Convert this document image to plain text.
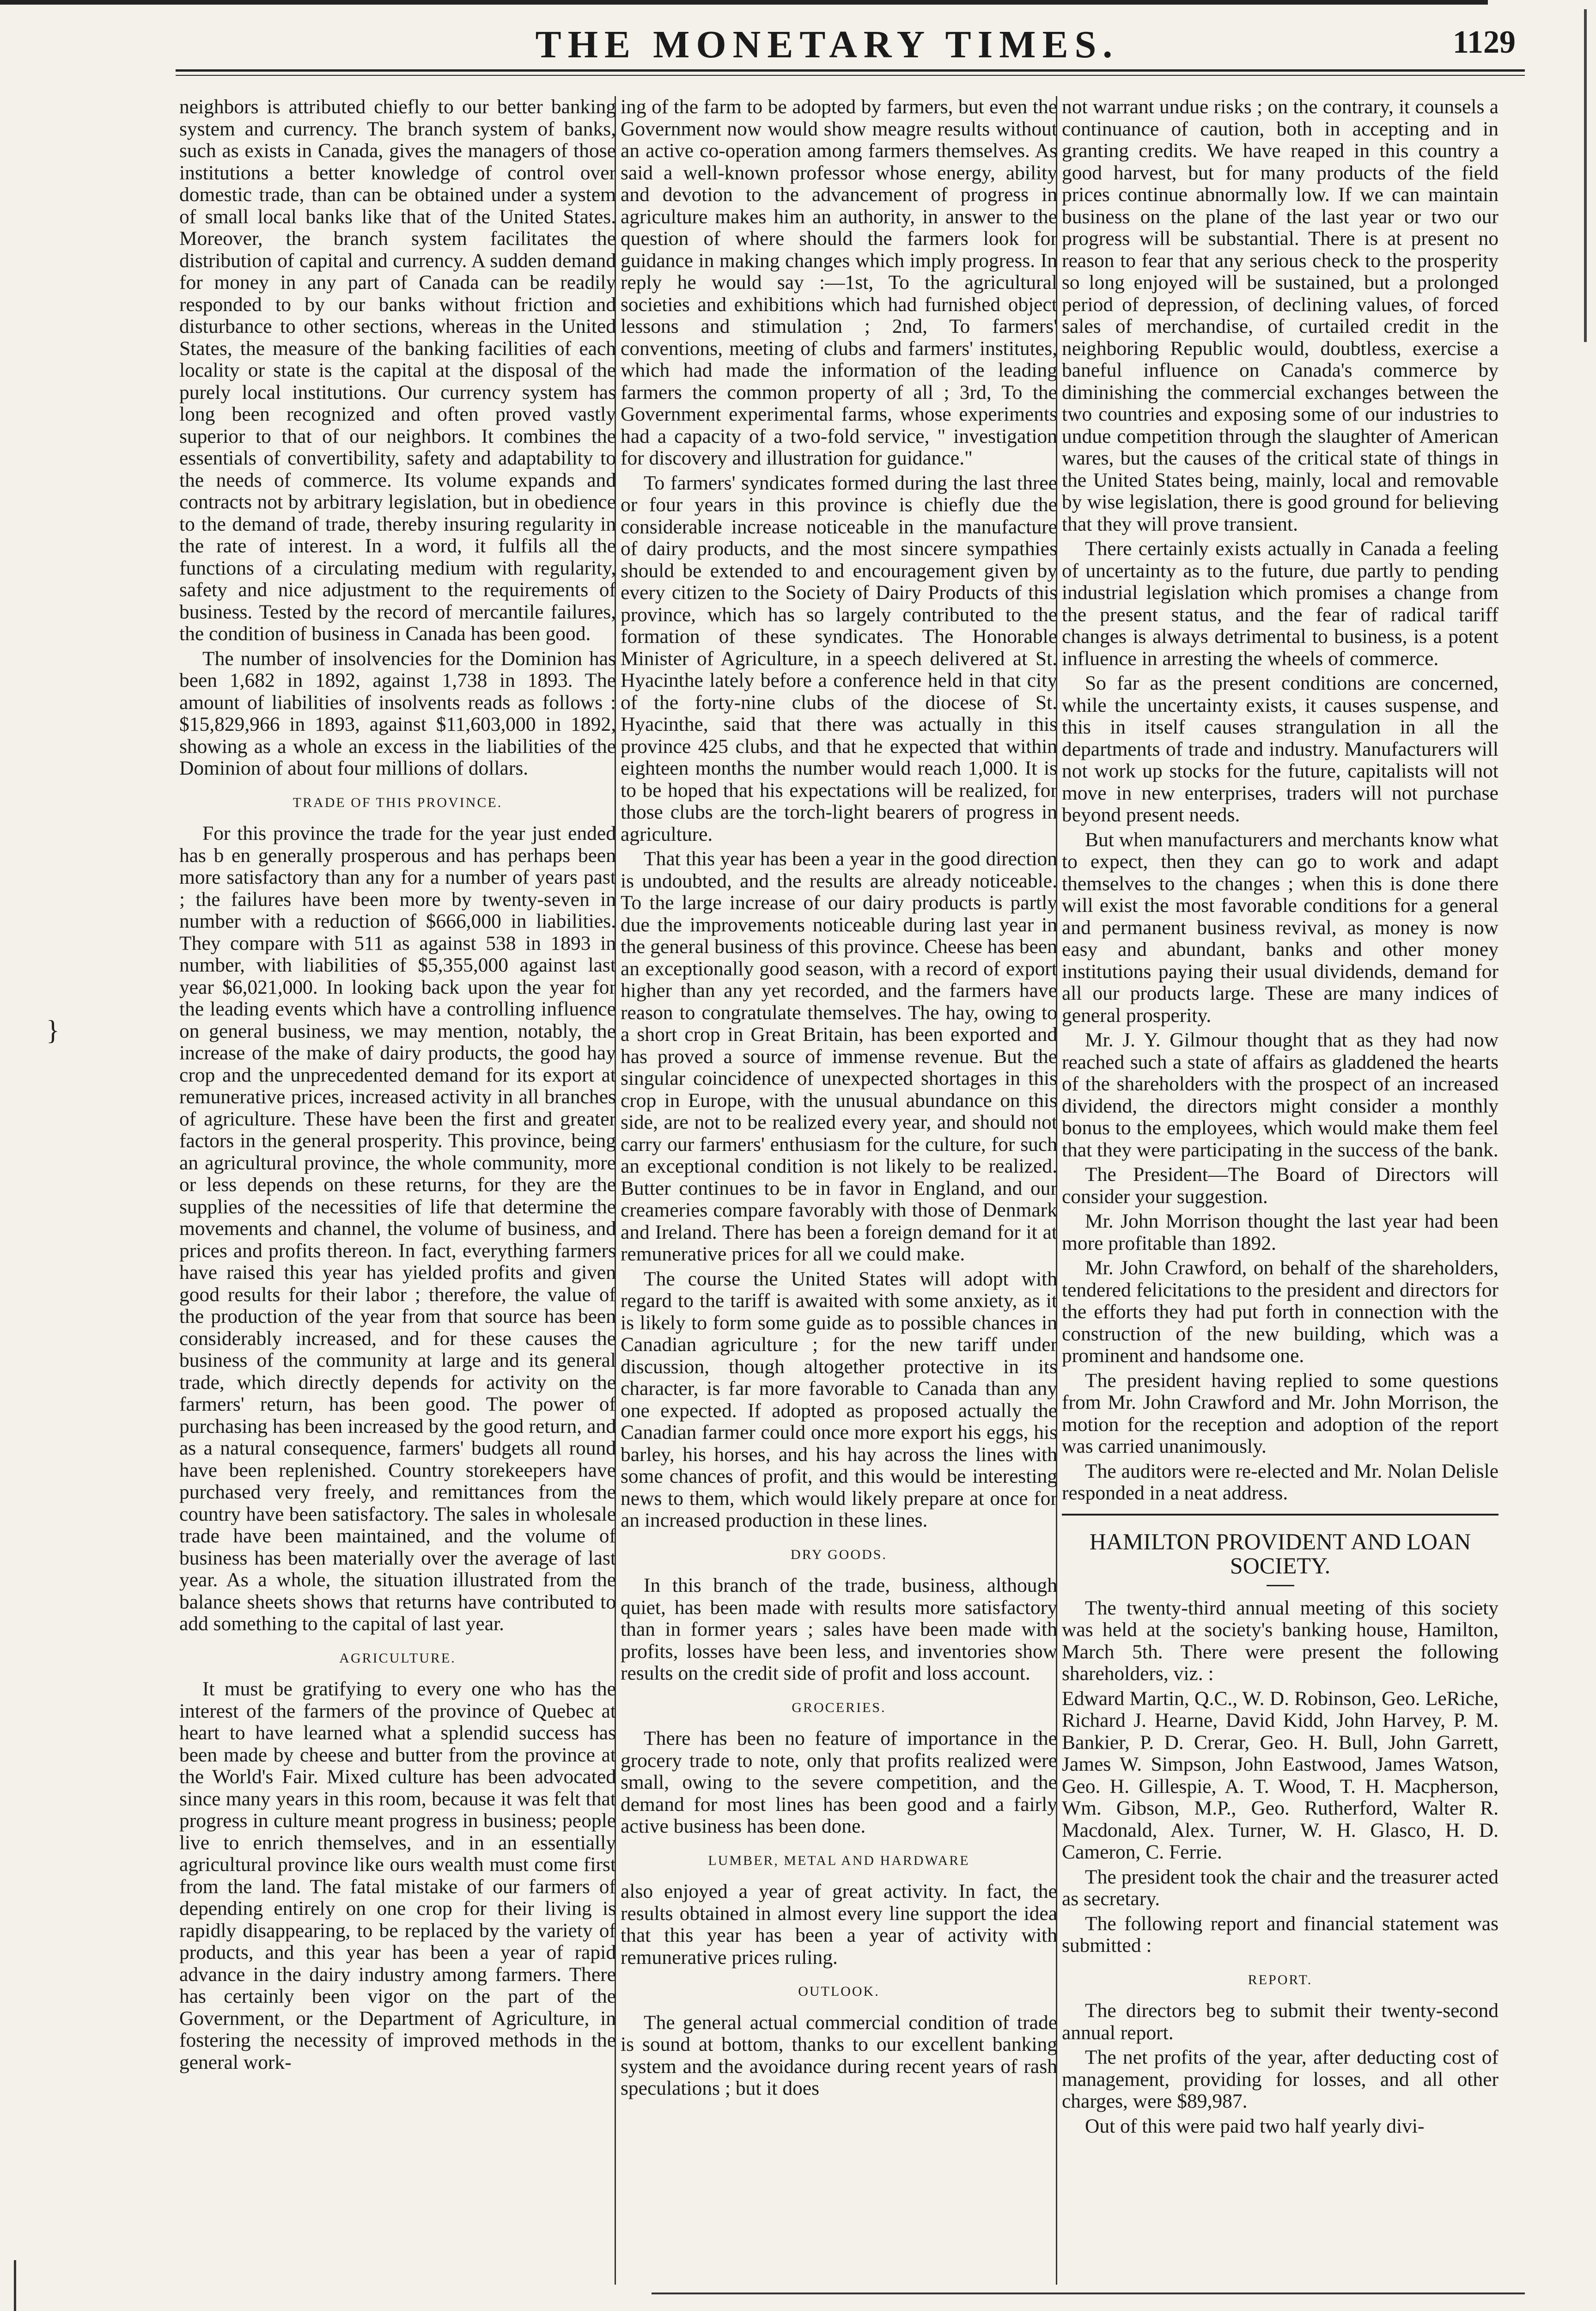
THE MONETARY TIMES.	1129
}

neighbors is attributed chiefly to our better banking system and currency. The branch system of banks, such as exists in Canada, gives the managers of those institutions a better knowledge of control over domestic trade, than can be obtained under a system of small local banks like that of the United States. Moreover, the branch system facilitates the distribution of capital and currency. A sudden demand for money in any part of Canada can be readily responded to by our banks without friction and disturbance to other sections, whereas in the United States, the measure of the banking facilities of each locality or state is the capital at the disposal of the purely local institutions. Our currency system has long been recognized and often proved vastly superior to that of our neighbors. It combines the essentials of convertibility, safety and adaptability to the needs of commerce. Its volume expands and contracts not by arbitrary legislation, but in obedience to the demand of trade, thereby insuring regularity in the rate of interest. In a word, it fulfils all the functions of a circulating medium with regularity, safety and nice adjustment to the requirements of business. Tested by the record of mercantile failures, the condition of business in Canada has been good.

The number of insolvencies for the Dominion has been 1,682 in 1892, against 1,738 in 1893. The amount of liabilities of insolvents reads as follows : $15,829,966 in 1893, against $11,603,000 in 1892, showing as a whole an excess in the liabilities of the Dominion of about four millions of dollars.

TRADE OF THIS PROVINCE.

For this province the trade for the year just ended has b en generally prosperous and has perhaps been more satisfactory than any for a number of years past ; the failures have been more by twenty-seven in number with a reduction of $666,000 in liabilities. They compare with 511 as against 538 in 1893 in number, with liabilities of $5,355,000 against last year $6,021,000. In looking back upon the year for the leading events which have a controlling influence on general business, we may mention, notably, the increase of the make of dairy products, the good hay crop and the unprecedented demand for its export at remunerative prices, increased activity in all branches of agriculture. These have been the first and greater factors in the general prosperity. This province, being an agricultural province, the whole community, more or less depends on these returns, for they are the supplies of the necessities of life that determine the movements and channel, the volume of business, and prices and profits thereon. In fact, everything farmers have raised this year has yielded profits and given good results for their labor ; therefore, the value of the production of the year from that source has been considerably increased, and for these causes the business of the community at large and its general trade, which directly depends for activity on the farmers' return, has been good. The power of purchasing has been increased by the good return, and as a natural consequence, farmers' budgets all round have been replenished. Country storekeepers have purchased very freely, and remittances from the country have been satisfactory. The sales in wholesale trade have been maintained, and the volume of business has been materially over the average of last year. As a whole, the situation illustrated from the balance sheets shows that returns have contributed to add something to the capital of last year.

AGRICULTURE.

It must be gratifying to every one who has the interest of the farmers of the province of Quebec at heart to have learned what a splendid success has been made by cheese and butter from the province at the World's Fair. Mixed culture has been advocated since many years in this room, because it was felt that progress in culture meant progress in business; people live to enrich themselves, and in an essentially agricultural province like ours wealth must come first from the land. The fatal mistake of our farmers of depending entirely on one crop for their living is rapidly disappearing, to be replaced by the variety of products, and this year has been a year of rapid advance in the dairy industry among farmers. There has certainly been vigor on the part of the Government, or the Department of Agriculture, in fostering the necessity of improved methods in the general work-

ing of the farm to be adopted by farmers, but even the Government now would show meagre results without an active co-operation among farmers themselves. As said a well-known professor whose energy, ability and devotion to the advancement of progress in agriculture makes him an authority, in answer to the question of where should the farmers look for guidance in making changes which imply progress. In reply he would say :—1st, To the agricultural societies and exhibitions which had furnished object lessons and stimulation ; 2nd, To farmers' conventions, meeting of clubs and farmers' institutes, which had made the information of the leading farmers the common property of all ; 3rd, To the Government experimental farms, whose experiments had a capacity of a two-fold service, " investigation for discovery and illustration for guidance."

To farmers' syndicates formed during the last three or four years in this province is chiefly due the considerable increase noticeable in the manufacture of dairy products, and the most sincere sympathies should be extended to and encouragement given by every citizen to the Society of Dairy Products of this province, which has so largely contributed to the formation of these syndicates. The Honorable Minister of Agriculture, in a speech delivered at St. Hyacinthe lately before a conference held in that city of the forty-nine clubs of the diocese of St. Hyacinthe, said that there was actually in this province 425 clubs, and that he expected that within eighteen months the number would reach 1,000. It is to be hoped that his expectations will be realized, for those clubs are the torch-light bearers of progress in agriculture.

That this year has been a year in the good direction is undoubted, and the results are already noticeable. To the large increase of our dairy products is partly due the improvements noticeable during last year in the general business of this province. Cheese has been an exceptionally good season, with a record of export higher than any yet recorded, and the farmers have reason to congratulate themselves. The hay, owing to a short crop in Great Britain, has been exported and has proved a source of immense revenue. But the singular coincidence of unexpected shortages in this crop in Europe, with the unusual abundance on this side, are not to be realized every year, and should not carry our farmers' enthusiasm for the culture, for such an exceptional condition is not likely to be realized. Butter continues to be in favor in England, and our creameries compare favorably with those of Denmark and Ireland. There has been a foreign demand for it at remunerative prices for all we could make.

The course the United States will adopt with regard to the tariff is awaited with some anxiety, as it is likely to form some guide as to possible chances in Canadian agriculture ; for the new tariff under discussion, though altogether protective in its character, is far more favorable to Canada than any one expected. If adopted as proposed actually the Canadian farmer could once more export his eggs, his barley, his horses, and his hay across the lines with some chances of profit, and this would be interesting news to them, which would likely prepare at once for an increased production in these lines.

DRY GOODS.

In this branch of the trade, business, although quiet, has been made with results more satisfactory than in former years ; sales have been made with profits, losses have been less, and inventories show results on the credit side of profit and loss account.

GROCERIES.

There has been no feature of importance in the grocery trade to note, only that profits realized were small, owing to the severe competition, and the demand for most lines has been good and a fairly active business has been done.

LUMBER, METAL AND HARDWARE

also enjoyed a year of great activity. In fact, the results obtained in almost every line support the idea that this year has been a year of activity with remunerative prices ruling.

OUTLOOK.

The general actual commercial condition of trade is sound at bottom, thanks to our excellent banking system and the avoidance during recent years of rash speculations ; but it does

not warrant undue risks ; on the contrary, it counsels a continuance of caution, both in accepting and in granting credits. We have reaped in this country a good harvest, but for many products of the field prices continue abnormally low. If we can maintain business on the plane of the last year or two our progress will be substantial. There is at present no reason to fear that any serious check to the prosperity so long enjoyed will be sustained, but a prolonged period of depression, of declining values, of forced sales of merchandise, of curtailed credit in the neighboring Republic would, doubtless, exercise a baneful influence on Canada's commerce by diminishing the commercial exchanges between the two countries and exposing some of our industries to undue competition through the slaughter of American wares, but the causes of the critical state of things in the United States being, mainly, local and removable by wise legislation, there is good ground for believing that they will prove transient.

There certainly exists actually in Canada a feeling of uncertainty as to the future, due partly to pending industrial legislation which promises a change from the present status, and the fear of radical tariff changes is always detrimental to business, is a potent influence in arresting the wheels of commerce.

So far as the present conditions are concerned, while the uncertainty exists, it causes suspense, and this in itself causes strangulation in all the departments of trade and industry. Manufacturers will not work up stocks for the future, capitalists will not move in new enterprises, traders will not purchase beyond present needs.

But when manufacturers and merchants know what to expect, then they can go to work and adapt themselves to the changes ; when this is done there will exist the most favorable conditions for a general and permanent business revival, as money is now easy and abundant, banks and other money institutions paying their usual dividends, demand for all our products large. These are many indices of general prosperity.

Mr. J. Y. Gilmour thought that as they had now reached such a state of affairs as gladdened the hearts of the shareholders with the prospect of an increased dividend, the directors might consider a monthly bonus to the employees, which would make them feel that they were participating in the success of the bank.

The President—The Board of Directors will consider your suggestion.

Mr. John Morrison thought the last year had been more profitable than 1892.

Mr. John Crawford, on behalf of the shareholders, tendered felicitations to the president and directors for the efforts they had put forth in connection with the construction of the new building, which was a prominent and handsome one.

The president having replied to some questions from Mr. John Crawford and Mr. John Morrison, the motion for the reception and adoption of the report was carried unanimously.

The auditors were re-elected and Mr. Nolan Delisle responded in a neat address.

HAMILTON PROVIDENT AND LOAN SOCIETY.

The twenty-third annual meeting of this society was held at the society's banking house, Hamilton, March 5th. There were present the following shareholders, viz. :

Edward Martin, Q.C., W. D. Robinson, Geo. LeRiche, Richard J. Hearne, David Kidd, John Harvey, P. M. Bankier, P. D. Crerar, Geo. H. Bull, John Garrett, James W. Simpson, John Eastwood, James Watson, Geo. H. Gillespie, A. T. Wood, T. H. Macpherson, Wm. Gibson, M.P., Geo. Rutherford, Walter R. Macdonald, Alex. Turner, W. H. Glasco, H. D. Cameron, C. Ferrie.

The president took the chair and the treasurer acted as secretary.

The following report and financial statement was submitted :

REPORT.

The directors beg to submit their twenty-second annual report.

The net profits of the year, after deducting cost of management, providing for losses, and all other charges, were $89,987.

Out of this were paid two half yearly divi-
